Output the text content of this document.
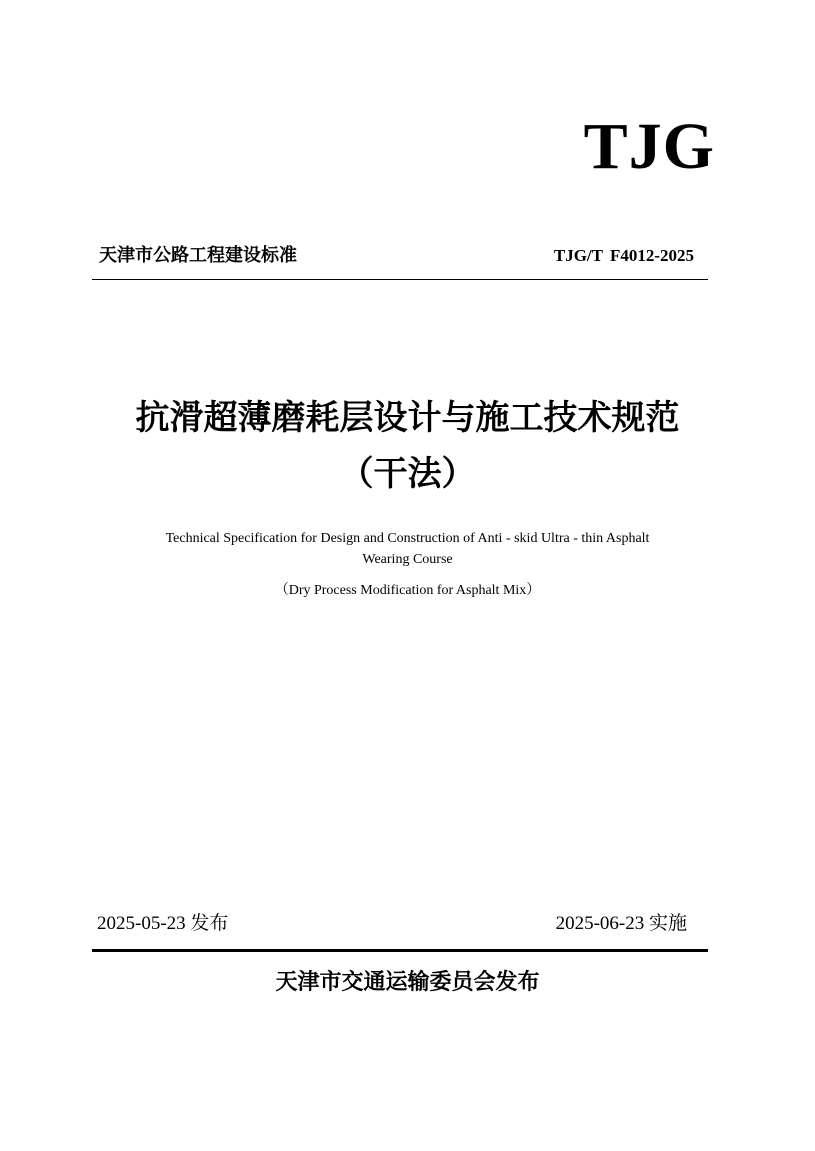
TJG
天津市公路工程建设标准	TJG/T F4012-2025
抗滑超薄磨耗层设计与施工技术规范
（干法）
Technical Specification for Design and Construction of Anti - skid Ultra - thin Asphalt
Wearing Course
（Dry Process Modification for Asphalt Mix）
2025-05-23 发布	2025-06-23 实施
天津市交通运输委员会发布
